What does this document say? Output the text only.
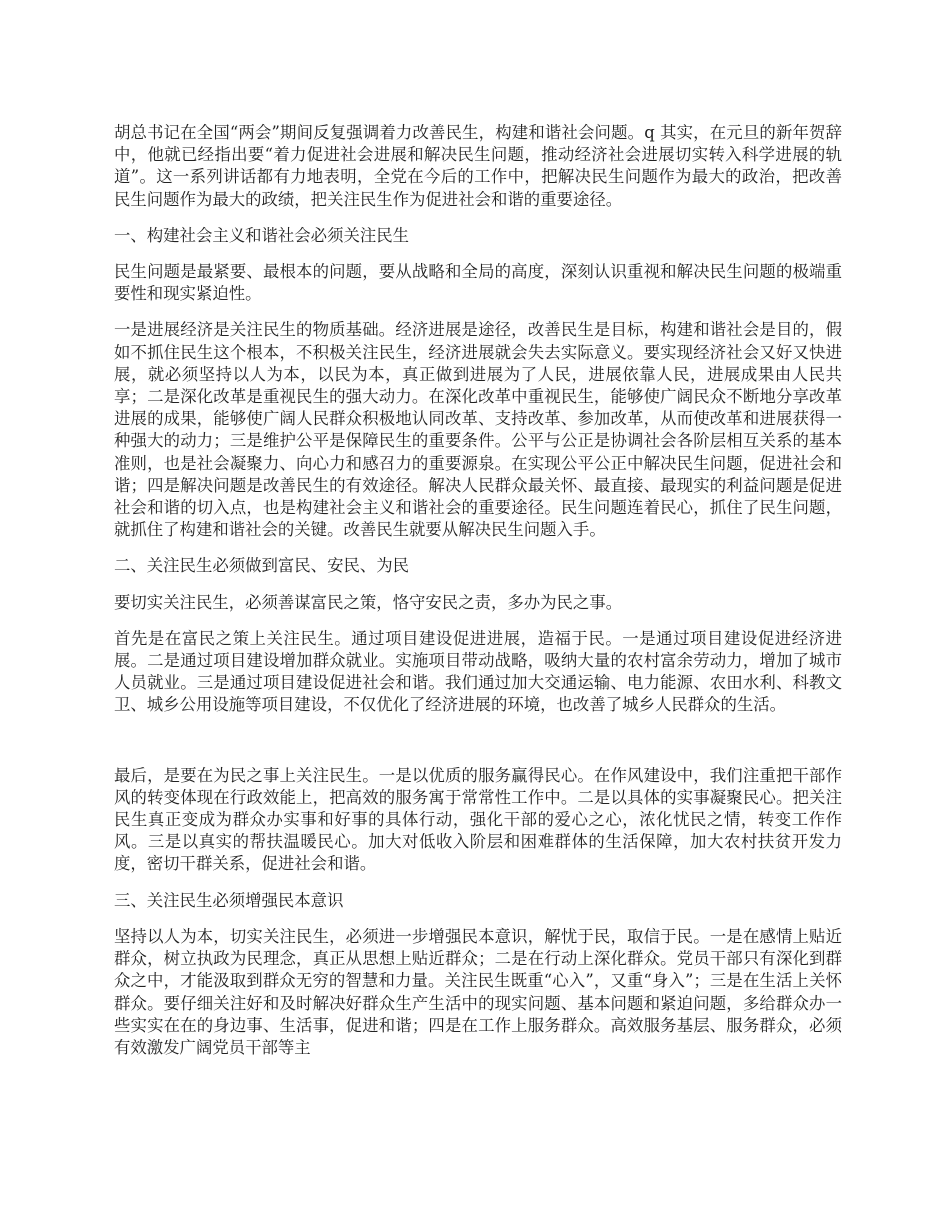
胡总书记在全国“两会”期间反复强调着力改善民生，构建和谐社会问题。q 其实，在元旦的新年贺辞中，他就已经指出要“着力促进社会进展和解决民生问题，推动经济社会进展切实转入科学进展的轨道”。这一系列讲话都有力地表明，全党在今后的工作中，把解决民生问题作为最大的政治，把改善民生问题作为最大的政绩，把关注民生作为促进社会和谐的重要途径。

一、构建社会主义和谐社会必须关注民生

民生问题是最紧要、最根本的问题，要从战略和全局的高度，深刻认识重视和解决民生问题的极端重要性和现实紧迫性。

一是进展经济是关注民生的物质基础。经济进展是途径，改善民生是目标，构建和谐社会是目的，假如不抓住民生这个根本，不积极关注民生，经济进展就会失去实际意义。要实现经济社会又好又快进展，就必须坚持以人为本，以民为本，真正做到进展为了人民，进展依靠人民，进展成果由人民共享；二是深化改革是重视民生的强大动力。在深化改革中重视民生，能够使广阔民众不断地分享改革进展的成果，能够使广阔人民群众积极地认同改革、支持改革、参加改革，从而使改革和进展获得一种强大的动力；三是维护公平是保障民生的重要条件。公平与公正是协调社会各阶层相互关系的基本准则，也是社会凝聚力、向心力和感召力的重要源泉。在实现公平公正中解决民生问题，促进社会和谐；四是解决问题是改善民生的有效途径。解决人民群众最关怀、最直接、最现实的利益问题是促进社会和谐的切入点，也是构建社会主义和谐社会的重要途径。民生问题连着民心，抓住了民生问题，就抓住了构建和谐社会的关键。改善民生就要从解决民生问题入手。

二、关注民生必须做到富民、安民、为民

要切实关注民生，必须善谋富民之策，恪守安民之责，多办为民之事。

首先是在富民之策上关注民生。通过项目建设促进进展，造福于民。一是通过项目建设促进经济进展。二是通过项目建设增加群众就业。实施项目带动战略，吸纳大量的农村富余劳动力，增加了城市人员就业。三是通过项目建设促进社会和谐。我们通过加大交通运输、电力能源、农田水利、科教文卫、城乡公用设施等项目建设，不仅优化了经济进展的环境，也改善了城乡人民群众的生活。

最后，是要在为民之事上关注民生。一是以优质的服务赢得民心。在作风建设中，我们注重把干部作风的转变体现在行政效能上，把高效的服务寓于常常性工作中。二是以具体的实事凝聚民心。把关注民生真正变成为群众办实事和好事的具体行动，强化干部的爱心之心，浓化忧民之情，转变工作作风。三是以真实的帮扶温暖民心。加大对低收入阶层和困难群体的生活保障，加大农村扶贫开发力度，密切干群关系，促进社会和谐。

三、关注民生必须增强民本意识

坚持以人为本，切实关注民生，必须进一步增强民本意识，解忧于民，取信于民。一是在感情上贴近群众，树立执政为民理念，真正从思想上贴近群众；二是在行动上深化群众。党员干部只有深化到群众之中，才能汲取到群众无穷的智慧和力量。关注民生既重“心入”，又重“身入”；三是在生活上关怀群众。要仔细关注好和及时解决好群众生产生活中的现实问题、基本问题和紧迫问题，多给群众办一些实实在在的身边事、生活事，促进和谐；四是在工作上服务群众。高效服务基层、服务群众，必须有效激发广阔党员干部等主
